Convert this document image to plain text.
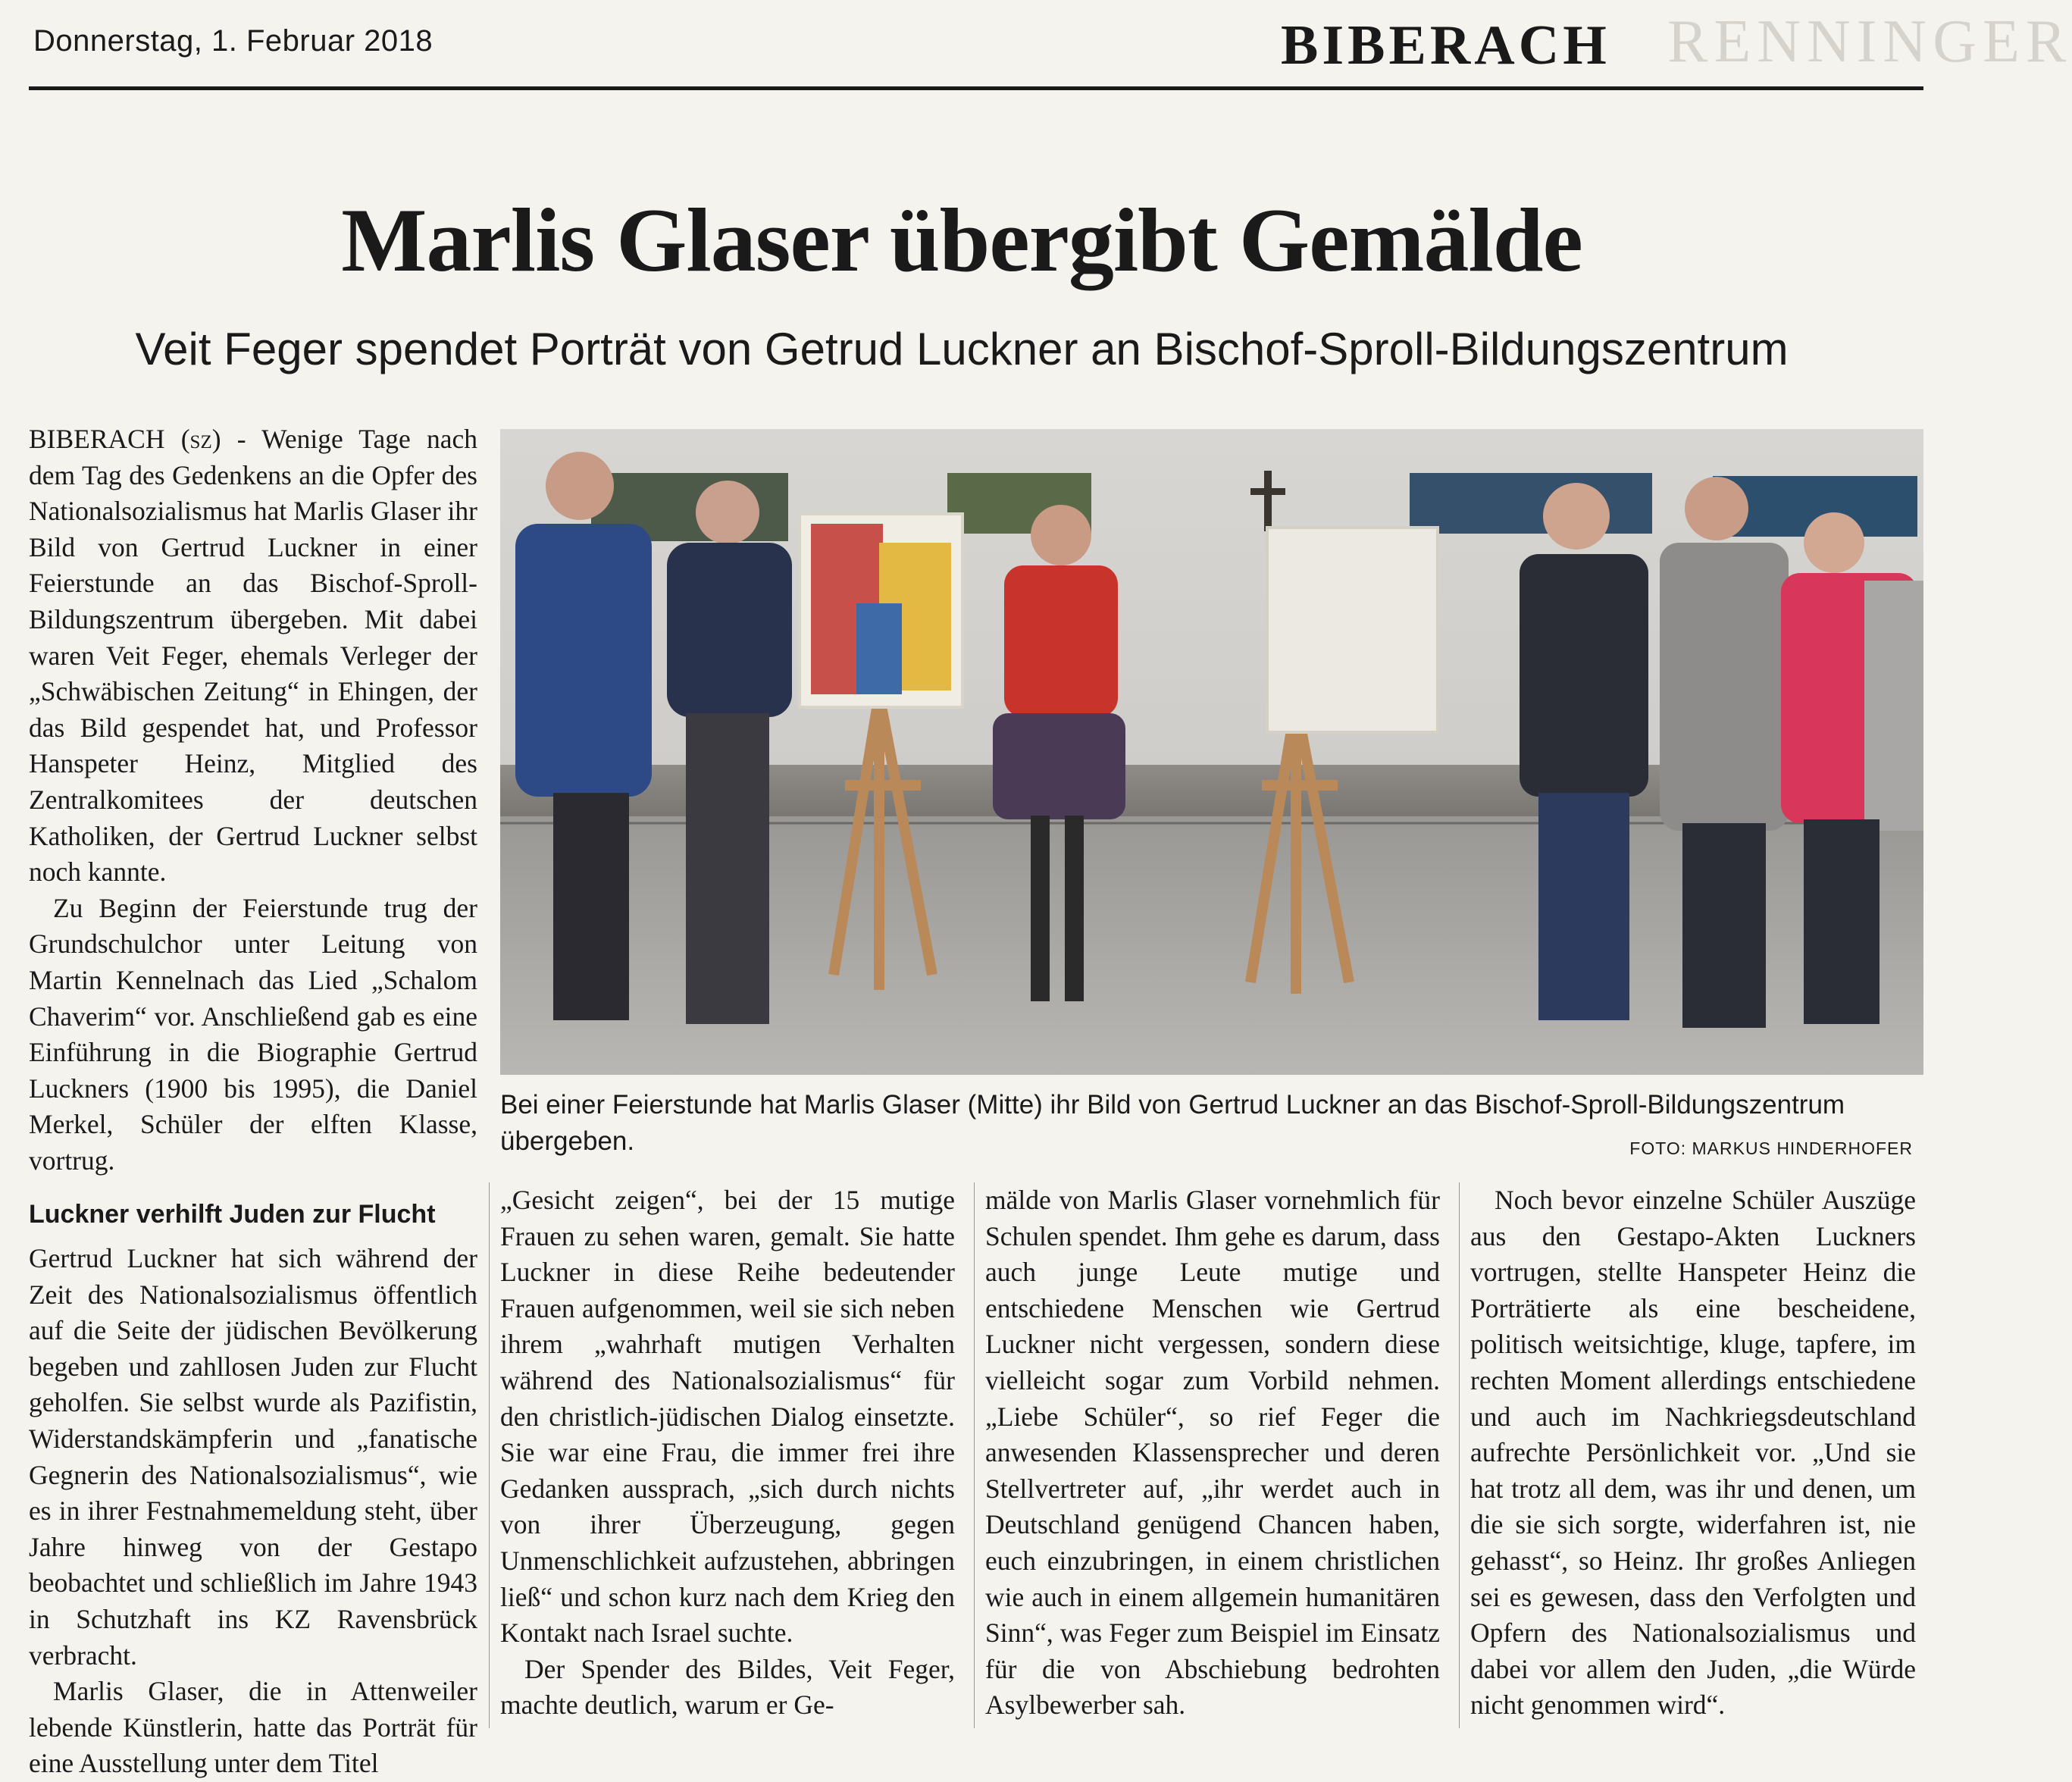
Donnerstag, 1. Februar 2018	RENNINGER
BIBERACH
Marlis Glaser übergibt Gemälde
Veit Feger spendet Porträt von Getrud Luckner an Bischof-Sproll-Bildungszentrum

BIBERACH (sz) - Wenige Tage nach dem Tag des Gedenkens an die Opfer des Nationalsozialismus hat Marlis Glaser ihr Bild von Gertrud Luckner in einer Feierstunde an das Bischof-Sproll-Bildungszentrum übergeben. Mit dabei waren Veit Feger, ehemals Verleger der „Schwäbischen Zeitung“ in Ehingen, der das Bild gespendet hat, und Professor Hanspeter Heinz, Mitglied des Zentralkomitees der deutschen Katholiken, der Gertrud Luckner selbst noch kannte.

Zu Beginn der Feierstunde trug der Grundschulchor unter Leitung von Martin Kennelnach das Lied „Schalom Chaverim“ vor. Anschließend gab es eine Einführung in die Biographie Gertrud Luckners (1900 bis 1995), die Daniel Merkel, Schüler der elften Klasse, vortrug.

Luckner verhilft Juden zur Flucht

Gertrud Luckner hat sich während der Zeit des Nationalsozialismus öffentlich auf die Seite der jüdischen Bevölkerung begeben und zahllosen Juden zur Flucht geholfen. Sie selbst wurde als Pazifistin, Widerstandskämpferin und „fanatische Gegnerin des Nationalsozialismus“, wie es in ihrer Festnahmemeldung steht, über Jahre hinweg von der Gestapo beobachtet und schließlich im Jahre 1943 in Schutzhaft ins KZ Ravensbrück verbracht.

Marlis Glaser, die in Attenweiler lebende Künstlerin, hatte das Porträt für eine Ausstellung unter dem Titel

Bei einer Feierstunde hat Marlis Glaser (Mitte) ihr Bild von Gertrud Luckner an das Bischof-Sproll-Bildungszentrum übergeben.	FOTO: MARKUS HINDERHOFER

„Gesicht zeigen“, bei der 15 mutige Frauen zu sehen waren, gemalt. Sie hatte Luckner in diese Reihe bedeutender Frauen aufgenommen, weil sie sich neben ihrem „wahrhaft mutigen Verhalten während des Nationalsozialismus“ für den christlich-jüdischen Dialog einsetzte. Sie war eine Frau, die immer frei ihre Gedanken aussprach, „sich durch nichts von ihrer Überzeugung, gegen Unmenschlichkeit aufzustehen, abbringen ließ“ und schon kurz nach dem Krieg den Kontakt nach Israel suchte.

Der Spender des Bildes, Veit Feger, machte deutlich, warum er Ge-

mälde von Marlis Glaser vornehmlich für Schulen spendet. Ihm gehe es darum, dass auch junge Leute mutige und entschiedene Menschen wie Gertrud Luckner nicht vergessen, sondern diese vielleicht sogar zum Vorbild nehmen. „Liebe Schüler“, so rief Feger die anwesenden Klassensprecher und deren Stellvertreter auf, „ihr werdet auch in Deutschland genügend Chancen haben, euch einzubringen, in einem christlichen wie auch in einem allgemein humanitären Sinn“, was Feger zum Beispiel im Einsatz für die von Abschiebung bedrohten Asylbewerber sah.

Noch bevor einzelne Schüler Auszüge aus den Gestapo-Akten Luckners vortrugen, stellte Hanspeter Heinz die Porträtierte als eine bescheidene, politisch weitsichtige, kluge, tapfere, im rechten Moment allerdings entschiedene und auch im Nachkriegsdeutschland aufrechte Persönlichkeit vor. „Und sie hat trotz all dem, was ihr und denen, um die sie sich sorgte, widerfahren ist, nie gehasst“, so Heinz. Ihr großes Anliegen sei es gewesen, dass den Verfolgten und Opfern des Nationalsozialismus und dabei vor allem den Juden, „die Würde nicht genommen wird“.
